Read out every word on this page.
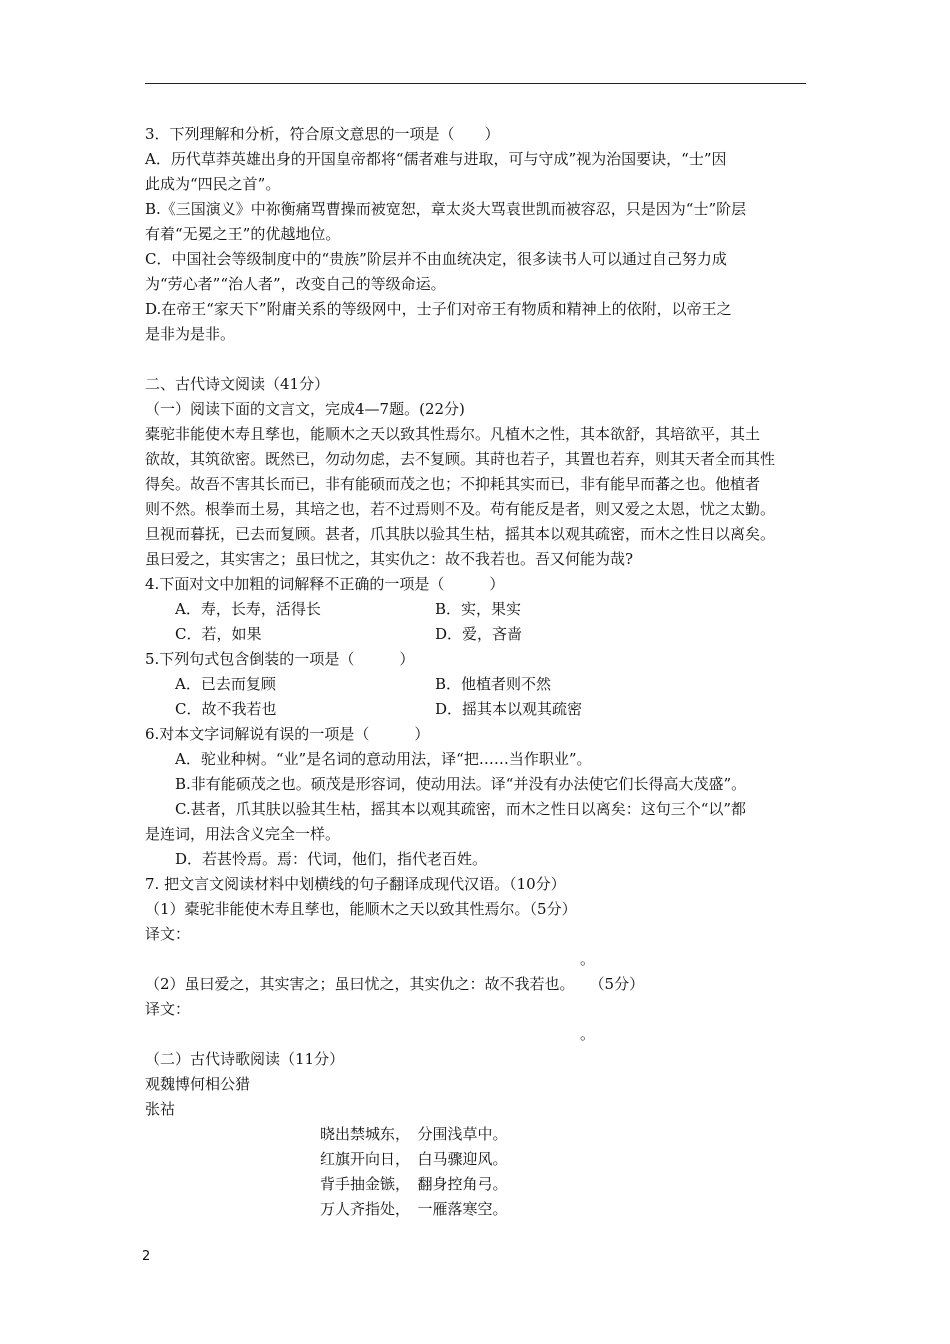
3．下列理解和分析，符合原文意思的一项是（　　）
A．历代草莽英雄出身的开国皇帝都将“儒者难与进取，可与守成”视为治国要诀，“士”因
此成为“四民之首”。
B.《三国演义》中祢衡痛骂曹操而被宽恕，章太炎大骂袁世凯而被容忍，只是因为“士”阶层
有着“无冕之王”的优越地位。
C．中国社会等级制度中的“贵族”阶层并不由血统决定，很多读书人可以通过自己努力成
为“劳心者”“治人者”，改变自己的等级命运。
D.在帝王“家天下”附庸关系的等级网中，士子们对帝王有物质和精神上的依附，以帝王之
是非为是非。
二、古代诗文阅读（41分）
（一）阅读下面的文言文，完成4—7题。(22分)
橐驼非能使木寿且孳也，能顺木之天以致其性焉尔。凡植木之性，其本欲舒，其培欲平，其土
欲故，其筑欲密。既然已，勿动勿虑，去不复顾。其莳也若子，其置也若弃，则其天者全而其性
得矣。故吾不害其长而已，非有能硕而茂之也；不抑耗其实而已，非有能早而蕃之也。他植者
则不然。根拳而土易，其培之也，若不过焉则不及。苟有能反是者，则又爱之太恩，忧之太勤。
旦视而暮抚，已去而复顾。甚者，爪其肤以验其生枯，摇其本以观其疏密，而木之性日以离矣。
虽曰爱之，其实害之；虽曰忧之，其实仇之：故不我若也。吾又何能为哉?
4.下面对文中加粗的词解释不正确的一项是（　　　）
A．寿，长寿，活得长	B．实，果实
C．若，如果	D．爱，吝啬
5.下列句式包含倒装的一项是（　　　）
A．已去而复顾	B．他植者则不然
C．故不我若也	D．摇其本以观其疏密
6.对本文字词解说有误的一项是（　　　）
A．驼业种树。“业”是名词的意动用法，译“把……当作职业”。
B.非有能硕茂之也。硕茂是形容词，使动用法。译“并没有办法使它们长得高大茂盛”。
C.甚者，爪其肤以验其生枯，摇其本以观其疏密，而木之性日以离矣：这句三个“以”都
是连词，用法含义完全一样。
D．若甚怜焉。焉：代词，他们，指代老百姓。
7. 把文言文阅读材料中划横线的句子翻译成现代汉语。（10分）
（1）橐驼非能使木寿且孳也，能顺木之天以致其性焉尔。（5分）
译文：
。
（2）虽曰爱之，其实害之；虽曰忧之，其实仇之：故不我若也。　　（5分）
译文：
。
（二）古代诗歌阅读（11分）
观魏博何相公猎
张祜
晓出禁城东，　分围浅草中。
红旗开向日，　白马骤迎风。
背手抽金镞，　翻身控角弓。
万人齐指处，　一雁落寒空。
2
